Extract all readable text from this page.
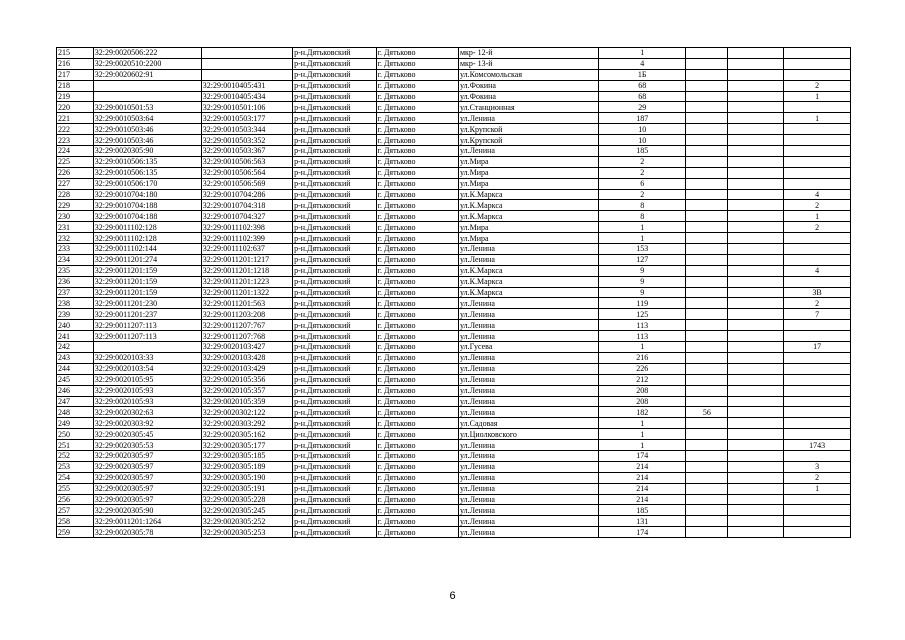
215	32:29:0020506:222		р-н.Дятьковский	г. Дятьково	мкр- 12-й	1			
216	32:29:0020510:2200		р-н.Дятьковский	г. Дятьково	мкр- 13-й	4			
217	32:29:0020602:91		р-н.Дятьковский	г. Дятьково	ул.Комсомольская	1Б			
218		32:29:0010405:431	р-н.Дятьковский	г. Дятьково	ул.Фокина	68			2
219		32:29:0010405:434	р-н.Дятьковский	г. Дятьково	ул.Фокина	68			1
220	32:29:0010501:53	32:29:0010501:106	р-н.Дятьковский	г. Дятьково	ул.Станционная	29			
221	32:29:0010503:64	32:29:0010503:177	р-н.Дятьковский	г. Дятьково	ул.Ленина	187			1
222	32:29:0010503:46	32:29:0010503:344	р-н.Дятьковский	г. Дятьково	ул.Крупской	10			
223	32:29:0010503:46	32:29:0010503:352	р-н.Дятьковский	г. Дятьково	ул.Крупской	10			
224	32:29:0020305:90	32:29:0010503:367	р-н.Дятьковский	г. Дятьково	ул.Ленина	185			
225	32:29:0010506:135	32:29:0010506:563	р-н.Дятьковский	г. Дятьково	ул.Мира	2			
226	32:29:0010506:135	32:29:0010506:564	р-н.Дятьковский	г. Дятьково	ул.Мира	2			
227	32:29:0010506:170	32:29:0010506:569	р-н.Дятьковский	г. Дятьково	ул.Мира	6			
228	32:29:0010704:180	32:29:0010704:286	р-н.Дятьковский	г. Дятьково	ул.К.Маркса	2			4
229	32:29:0010704:188	32:29:0010704:318	р-н.Дятьковский	г. Дятьково	ул.К.Маркса	8			2
230	32:29:0010704:188	32:29:0010704:327	р-н.Дятьковский	г. Дятьково	ул.К.Маркса	8			1
231	32:29:0011102:128	32:29:0011102:398	р-н.Дятьковский	г. Дятьково	ул.Мира	1			2
232	32:29:0011102:128	32:29:0011102:399	р-н.Дятьковский	г. Дятьково	ул.Мира	1			
233	32:29:0011102:144	32:29:0011102:637	р-н.Дятьковский	г. Дятьково	ул.Ленина	153			
234	32:29:0011201:274	32:29:0011201:1217	р-н.Дятьковский	г. Дятьково	ул.Ленина	127			
235	32:29:0011201:159	32:29:0011201:1218	р-н.Дятьковский	г. Дятьково	ул.К.Маркса	9			4
236	32:29:0011201:159	32:29:0011201:1223	р-н.Дятьковский	г. Дятьково	ул.К.Маркса	9			
237	32:29:0011201:159	32:29:0011201:1322	р-н.Дятьковский	г. Дятьково	ул.К.Маркса	9			3В
238	32:29:0011201:230	32:29:0011201:563	р-н.Дятьковский	г. Дятьково	ул.Ленина	119			2
239	32:29:0011201:237	32:29:0011203:208	р-н.Дятьковский	г. Дятьково	ул.Ленина	125			7
240	32:29:0011207:113	32:29:0011207:767	р-н.Дятьковский	г. Дятьково	ул.Ленина	113			
241	32:29:0011207:113	32:29:0011207:768	р-н.Дятьковский	г. Дятьково	ул.Ленина	113			
242		32:29:0020103:427	р-н.Дятьковский	г. Дятьково	ул.Гусева	1			17
243	32:29:0020103:33	32:29:0020103:428	р-н.Дятьковский	г. Дятьково	ул.Ленина	216			
244	32:29:0020103:54	32:29:0020103:429	р-н.Дятьковский	г. Дятьково	ул.Ленина	226			
245	32:29:0020105:95	32:29:0020105:356	р-н.Дятьковский	г. Дятьково	ул.Ленина	212			
246	32:29:0020105:93	32:29:0020105:357	р-н.Дятьковский	г. Дятьково	ул.Ленина	208			
247	32:29:0020105:93	32:29:0020105:359	р-н.Дятьковский	г. Дятьково	ул.Ленина	208			
248	32:29:0020302:63	32:29:0020302:122	р-н.Дятьковский	г. Дятьково	ул.Ленина	182	56		
249	32:29:0020303:92	32:29:0020303:292	р-н.Дятьковский	г. Дятьково	ул.Садовая	1			
250	32:29:0020305:45	32:29:0020305:162	р-н.Дятьковский	г. Дятьково	ул.Циолковского	1			
251	32:29:0020305:53	32:29:0020305:177	р-н.Дятьковский	г. Дятьково	ул.Ленина	1			1743
252	32:29:0020305:97	32:29:0020305:185	р-н.Дятьковский	г. Дятьково	ул.Ленина	174			
253	32:29:0020305:97	32:29:0020305:189	р-н.Дятьковский	г. Дятьково	ул.Ленина	214			3
254	32:29:0020305:97	32:29:0020305:190	р-н.Дятьковский	г. Дятьково	ул.Ленина	214			2
255	32:29:0020305:97	32:29:0020305:191	р-н.Дятьковский	г. Дятьково	ул.Ленина	214			1
256	32:29:0020305:97	32:29:0020305:228	р-н.Дятьковский	г. Дятьково	ул.Ленина	214			
257	32:29:0020305:90	32:29:0020305:245	р-н.Дятьковский	г. Дятьково	ул.Ленина	185			
258	32:29:0011201:1264	32:29:0020305:252	р-н.Дятьковский	г. Дятьково	ул.Ленина	131			
259	32:29:0020305:78	32:29:0020305:253	р-н.Дятьковский	г. Дятьково	ул.Ленина	174			
6
